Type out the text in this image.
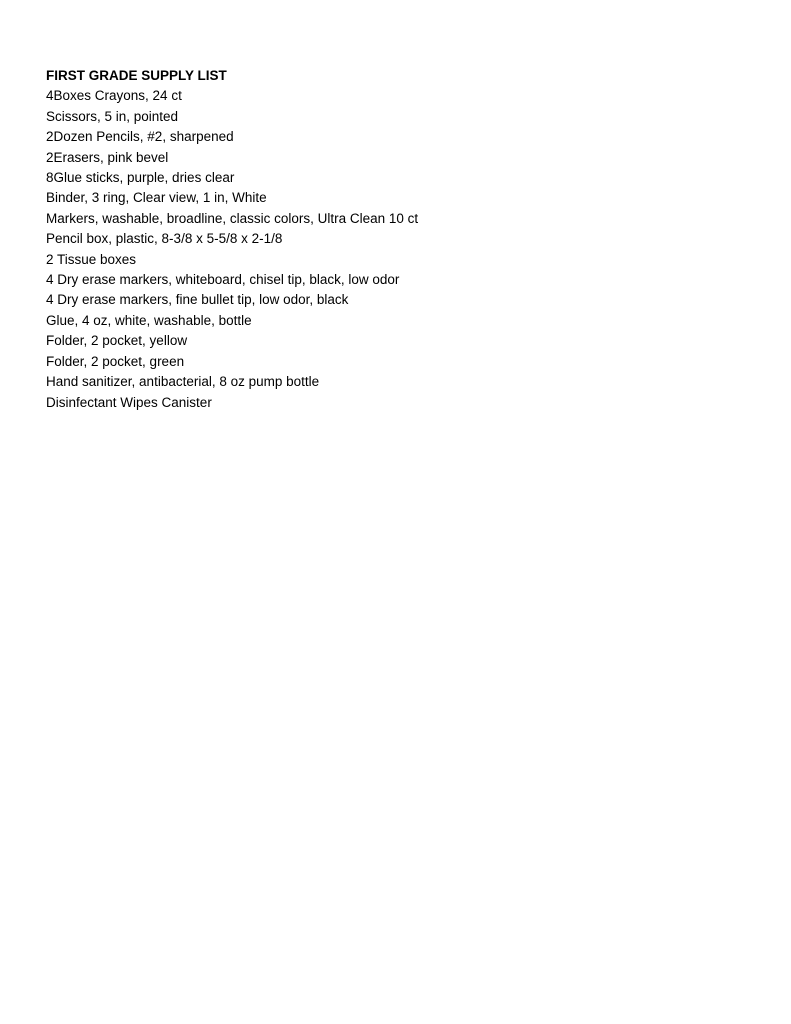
FIRST GRADE SUPPLY LIST
4Boxes Crayons, 24 ct
Scissors, 5 in, pointed
2Dozen Pencils, #2, sharpened
2Erasers, pink bevel
8Glue sticks, purple, dries clear
Binder, 3 ring, Clear view, 1 in, White
Markers, washable, broadline, classic colors, Ultra Clean 10 ct
Pencil box, plastic, 8-3/8 x 5-5/8 x 2-1/8
2 Tissue boxes
4 Dry erase markers, whiteboard, chisel tip, black, low odor
4 Dry erase markers, fine bullet tip, low odor, black
Glue, 4 oz, white, washable, bottle
Folder, 2 pocket, yellow
Folder, 2 pocket, green
Hand sanitizer, antibacterial, 8 oz pump bottle
Disinfectant Wipes Canister
